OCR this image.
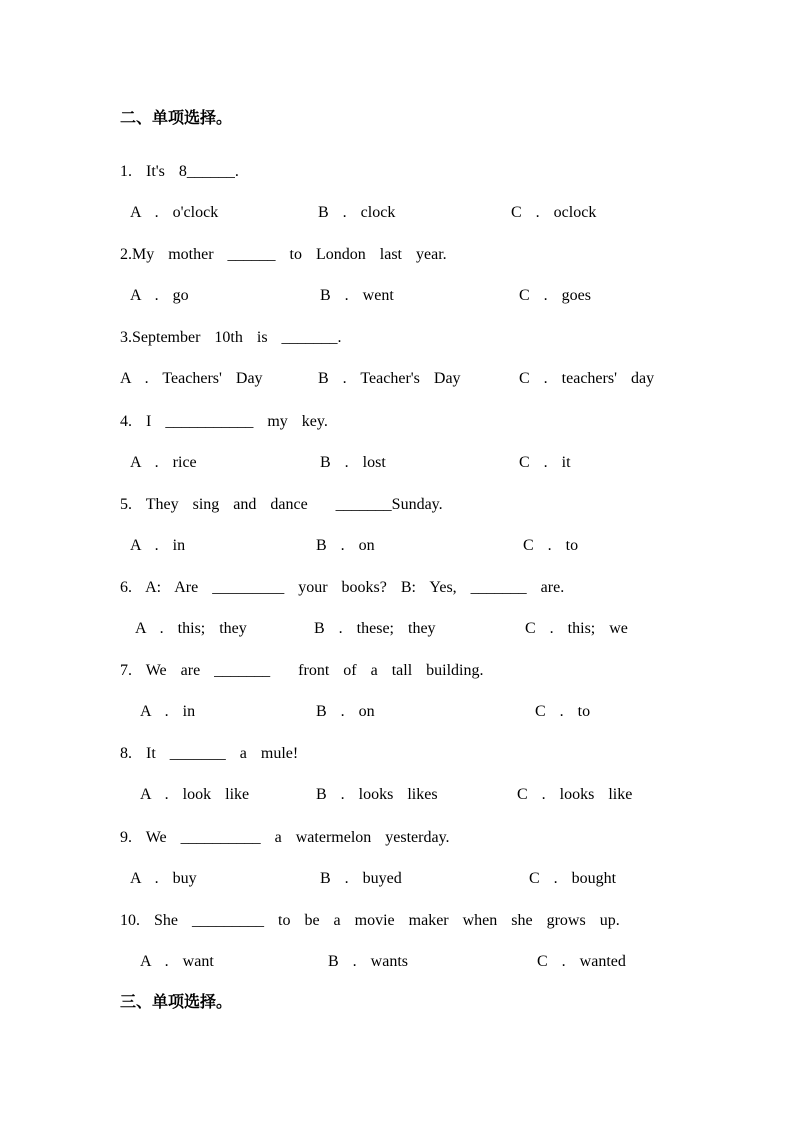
二、单项选择。
1.  It's  8______.
A  .  o'clock	B  .  clock	C  .  oclock
2.My  mother  ______  to  London  last  year.
A  .  go	B  .  went	C  .  goes
3.September  10th  is  _______.
A  .  Teachers'  Day	B  .  Teacher's  Day	C  .  teachers'  day
4.  I  ___________  my  key.
A  .  rice	B  .  lost	C  .  it
5.  They  sing  and  dance    _______Sunday.
A  .  in	B  .  on	C  .  to
6.  A:  Are  _________  your  books?  B:  Yes,  _______  are.
A  .  this;  they	B  .  these;  they	C  .  this;  we
7.  We  are  _______    front  of  a  tall  building.
A  .  in	B  .  on	C  .  to
8.  It  _______  a  mule!
A  .  look  like	B  .  looks  likes	C  .  looks  like
9.  We  __________  a  watermelon  yesterday.
A  .  buy	B  .  buyed	C  .  bought
10.  She  _________  to  be  a  movie  maker  when  she  grows  up.
A  .  want	B  .  wants	C  .  wanted
三、单项选择。
